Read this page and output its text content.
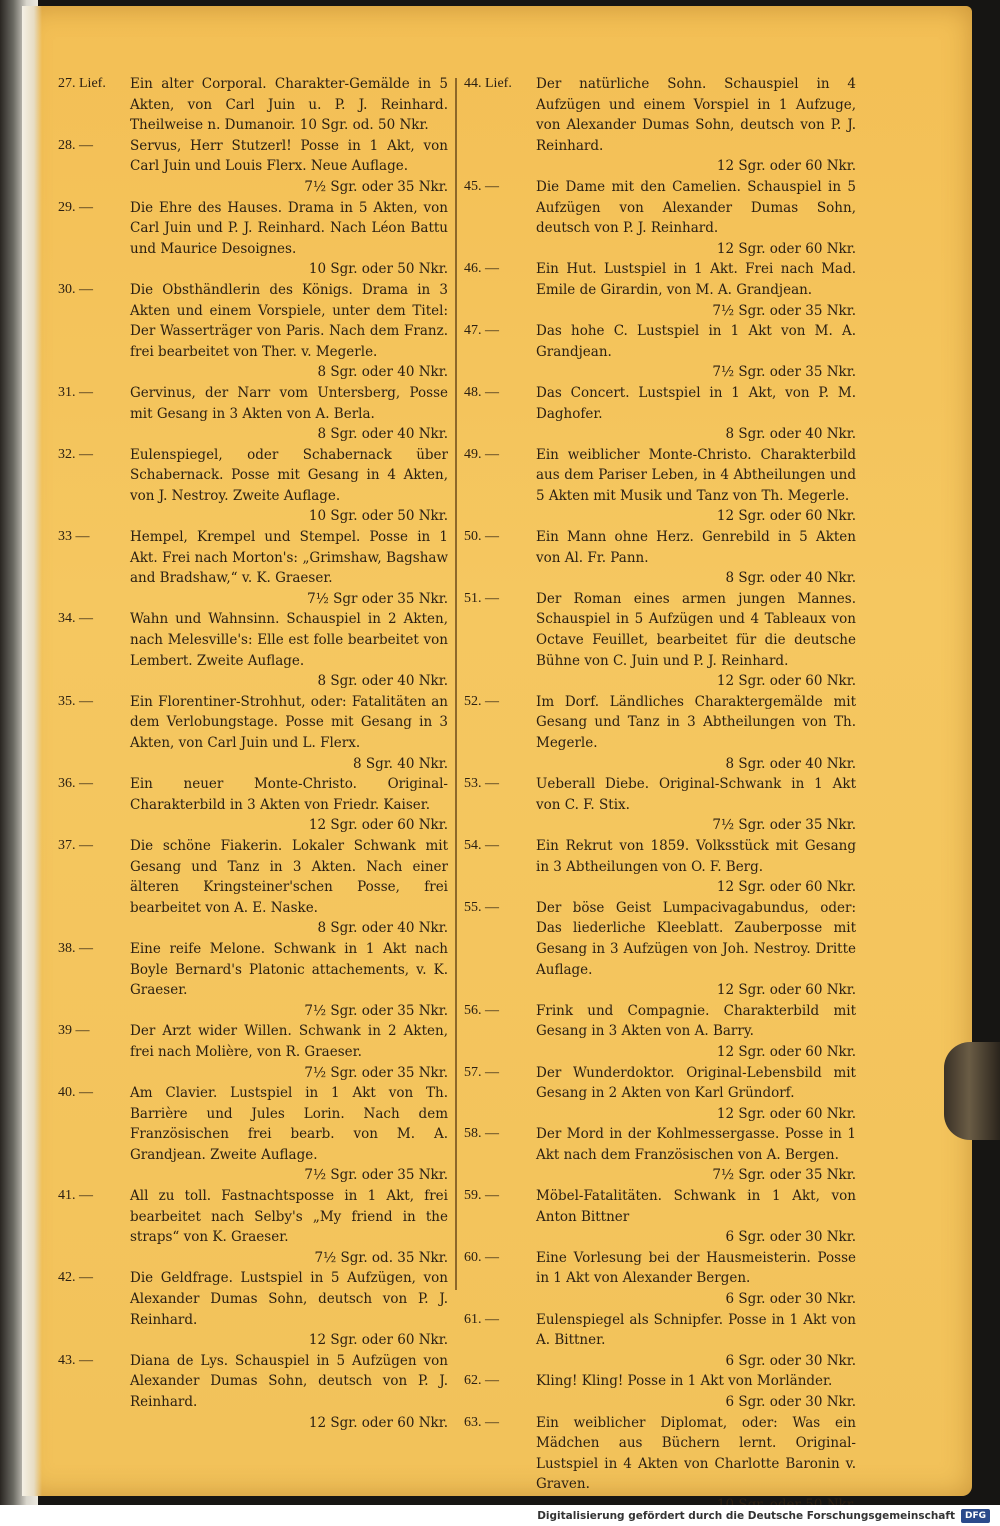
27. Lief. Ein alter Corporal. Charakter-Gemälde in 5 Akten, von Carl Juin u. P. J. Reinhard. Theilweise n. Dumanoir. 10 Sgr. od. 50 Nkr.
28. —	Servus, Herr Stutzerl! Posse in 1 Akt, von Carl Juin und Louis Flerx. Neue Auflage.
7½ Sgr. oder 35 Nkr.
29. —	Die Ehre des Hauses. Drama in 5 Akten, von Carl Juin und P. J. Reinhard. Nach Léon Battu und Maurice Desoignes.
10 Sgr. oder 50 Nkr.
30. —	Die Obsthändlerin des Königs. Drama in 3 Akten und einem Vorspiele, unter dem Titel: Der Wasserträger von Paris. Nach dem Franz. frei bearbeitet von Ther. v. Megerle.
8 Sgr. oder 40 Nkr.
31. —	Gervinus, der Narr vom Untersberg, Posse mit Gesang in 3 Akten von A. Berla.
8 Sgr. oder 40 Nkr.
32. —	Eulenspiegel, oder Schabernack über Schabernack. Posse mit Gesang in 4 Akten, von J. Nestroy. Zweite Auflage.
10 Sgr. oder 50 Nkr.
33 —	Hempel, Krempel und Stempel. Posse in 1 Akt. Frei nach Morton's: „Grimshaw, Bagshaw and Bradshaw,“ v. K. Graeser.
7½ Sgr oder 35 Nkr.
34. —	Wahn und Wahnsinn. Schauspiel in 2 Akten, nach Melesville's: Elle est folle bearbeitet von Lembert. Zweite Auflage.
8 Sgr. oder 40 Nkr.
35. —	Ein Florentiner-Strohhut, oder: Fatalitäten an dem Verlobungstage. Posse mit Gesang in 3 Akten, von Carl Juin und L. Flerx.
8 Sgr. 40 Nkr.
36. —	Ein neuer Monte-Christo. Original-Charakterbild in 3 Akten von Friedr. Kaiser.
12 Sgr. oder 60 Nkr.
37. —	Die schöne Fiakerin. Lokaler Schwank mit Gesang und Tanz in 3 Akten. Nach einer älteren Kringsteiner'schen Posse, frei bearbeitet von A. E. Naske.
8 Sgr. oder 40 Nkr.
38. —	Eine reife Melone. Schwank in 1 Akt nach Boyle Bernard's Platonic attachements, v. K. Graeser.
7½ Sgr. oder 35 Nkr.
39 —	Der Arzt wider Willen. Schwank in 2 Akten, frei nach Molière, von R. Graeser.
7½ Sgr. oder 35 Nkr.
40. —	Am Clavier. Lustspiel in 1 Akt von Th. Barrière und Jules Lorin. Nach dem Französischen frei bearb. von M. A. Grandjean. Zweite Auflage.
7½ Sgr. oder 35 Nkr.
41. —	All zu toll. Fastnachtsposse in 1 Akt, frei bearbeitet nach Selby's „My friend in the straps“ von K. Graeser.
7½ Sgr. od. 35 Nkr.
42. —	Die Geldfrage. Lustspiel in 5 Aufzügen, von Alexander Dumas Sohn, deutsch von P. J. Reinhard.
12 Sgr. oder 60 Nkr.
43. —	Diana de Lys. Schauspiel in 5 Aufzügen von Alexander Dumas Sohn, deutsch von P. J. Reinhard.
12 Sgr. oder 60 Nkr.
44. Lief. Der natürliche Sohn. Schauspiel in 4 Aufzügen und einem Vorspiel in 1 Aufzuge, von Alexander Dumas Sohn, deutsch von P. J. Reinhard.
12 Sgr. oder 60 Nkr.
45. —	Die Dame mit den Camelien. Schauspiel in 5 Aufzügen von Alexander Dumas Sohn, deutsch von P. J. Reinhard.
12 Sgr. oder 60 Nkr.
46. —	Ein Hut. Lustspiel in 1 Akt. Frei nach Mad. Emile de Girardin, von M. A. Grandjean.
7½ Sgr. oder 35 Nkr.
47. —	Das hohe C. Lustspiel in 1 Akt von M. A. Grandjean.
7½ Sgr. oder 35 Nkr.
48. —	Das Concert. Lustspiel in 1 Akt, von P. M. Daghofer.
8 Sgr. oder 40 Nkr.
49. —	Ein weiblicher Monte-Christo. Charakterbild aus dem Pariser Leben, in 4 Abtheilungen und 5 Akten mit Musik und Tanz von Th. Megerle.
12 Sgr. oder 60 Nkr.
50. —	Ein Mann ohne Herz. Genrebild in 5 Akten von Al. Fr. Pann.
8 Sgr. oder 40 Nkr.
51. —	Der Roman eines armen jungen Mannes. Schauspiel in 5 Aufzügen und 4 Tableaux von Octave Feuillet, bearbeitet für die deutsche Bühne von C. Juin und P. J. Reinhard.
12 Sgr. oder 60 Nkr.
52. —	Im Dorf. Ländliches Charaktergemälde mit Gesang und Tanz in 3 Abtheilungen von Th. Megerle.
8 Sgr. oder 40 Nkr.
53. —	Ueberall Diebe. Original-Schwank in 1 Akt von C. F. Stix.
7½ Sgr. oder 35 Nkr.
54. —	Ein Rekrut von 1859. Volksstück mit Gesang in 3 Abtheilungen von O. F. Berg.
12 Sgr. oder 60 Nkr.
55. —	Der böse Geist Lumpacivagabundus, oder: Das liederliche Kleeblatt. Zauberposse mit Gesang in 3 Aufzügen von Joh. Nestroy. Dritte Auflage.
12 Sgr. oder 60 Nkr.
56. —	Frink und Compagnie. Charakterbild mit Gesang in 3 Akten von A. Barry.
12 Sgr. oder 60 Nkr.
57. —	Der Wunderdoktor. Original-Lebensbild mit Gesang in 2 Akten von Karl Gründorf.
12 Sgr. oder 60 Nkr.
58. —	Der Mord in der Kohlmessergasse. Posse in 1 Akt nach dem Französischen von A. Bergen.
7½ Sgr. oder 35 Nkr.
59. —	Möbel-Fatalitäten. Schwank in 1 Akt, von Anton Bittner
6 Sgr. oder 30 Nkr.
60. —	Eine Vorlesung bei der Hausmeisterin. Posse in 1 Akt von Alexander Bergen.
6 Sgr. oder 30 Nkr.
61. —	Eulenspiegel als Schnipfer. Posse in 1 Akt von A. Bittner.
6 Sgr. oder 30 Nkr.
62. —	Kling! Kling! Posse in 1 Akt von Morländer.
6 Sgr. oder 30 Nkr.
63. —	Ein weiblicher Diplomat, oder: Was ein Mädchen aus Büchern lernt. Original-Lustspiel in 4 Akten von Charlotte Baronin v. Graven.
Digitalisierung gefördert durch die Deutsche Forschungsgemeinschaft	DFG
